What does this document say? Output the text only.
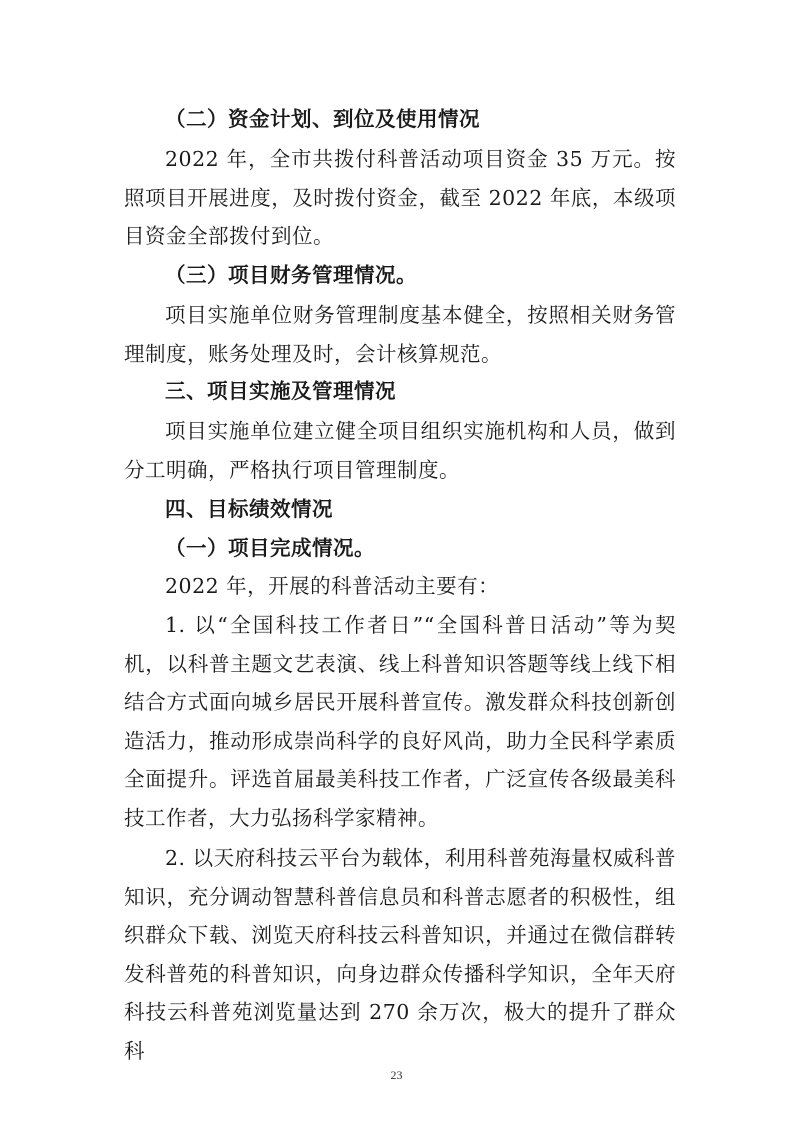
（二）资金计划、到位及使用情况
2022 年，全市共拨付科普活动项目资金 35 万元。按照项目开展进度，及时拨付资金，截至 2022 年底，本级项目资金全部拨付到位。
（三）项目财务管理情况。
项目实施单位财务管理制度基本健全，按照相关财务管理制度，账务处理及时，会计核算规范。
三、项目实施及管理情况
项目实施单位建立健全项目组织实施机构和人员，做到分工明确，严格执行项目管理制度。
四、目标绩效情况
（一）项目完成情况。
2022 年，开展的科普活动主要有：
1. 以“全国科技工作者日”“全国科普日活动”等为契机，以科普主题文艺表演、线上科普知识答题等线上线下相结合方式面向城乡居民开展科普宣传。激发群众科技创新创造活力，推动形成崇尚科学的良好风尚，助力全民科学素质全面提升。评选首届最美科技工作者，广泛宣传各级最美科技工作者，大力弘扬科学家精神。
2. 以天府科技云平台为载体，利用科普苑海量权威科普知识，充分调动智慧科普信息员和科普志愿者的积极性，组织群众下载、浏览天府科技云科普知识，并通过在微信群转发科普苑的科普知识，向身边群众传播科学知识，全年天府科技云科普苑浏览量达到 270 余万次，极大的提升了群众科
23
